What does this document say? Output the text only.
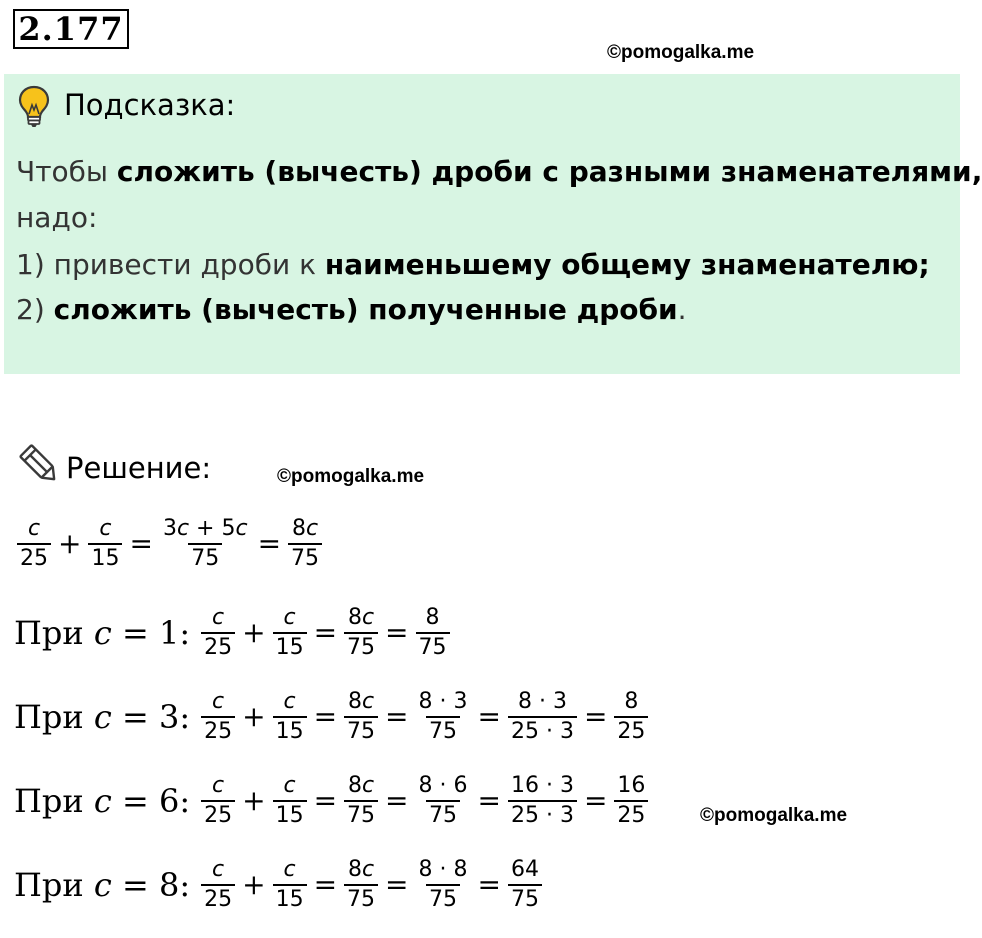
2.177
©pomogalka.me
Подсказка:
Чтобы сложить (вычесть) дроби с разными знаменателями,
надо:
1) привести дроби к наименьшему общему знаменателю;
2) сложить (вычесть) полученные дроби.
Решение:	©pomogalka.me
$\frac{c}{25} + \frac{c}{15} = \frac{3c + 5c}{75} = \frac{8c}{75}$
При c = 1: $\frac{c}{25} + \frac{c}{15} = \frac{8c}{75} = \frac{8}{75}$
При c = 3: $\frac{c}{25} + \frac{c}{15} = \frac{8c}{75} = \frac{8 \cdot 3}{75} = \frac{8 \cdot 3}{25 \cdot 3} = \frac{8}{25}$
При c = 6: $\frac{c}{25} + \frac{c}{15} = \frac{8c}{75} = \frac{8 \cdot 6}{75} = \frac{16 \cdot 3}{25 \cdot 3} = \frac{16}{25}$
При c = 8: $\frac{c}{25} + \frac{c}{15} = \frac{8c}{75} = \frac{8 \cdot 8}{75} = \frac{64}{75}$
©pomogalka.me
